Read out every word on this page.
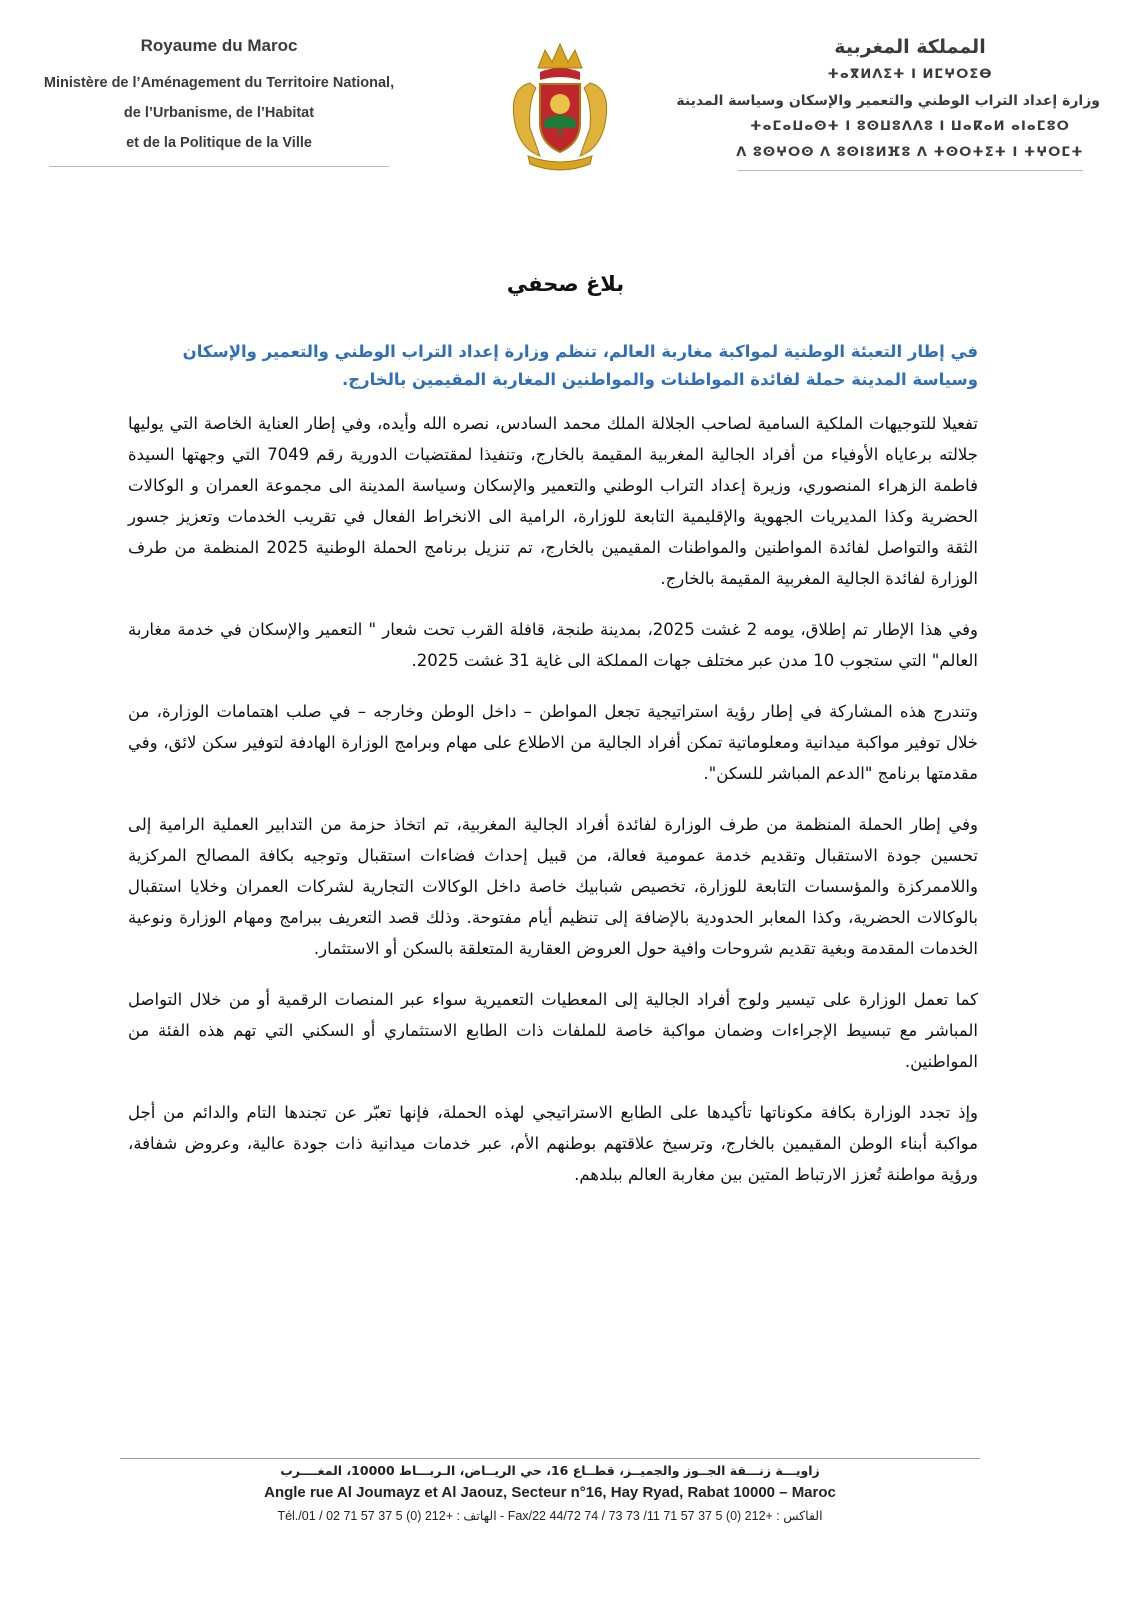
Royaume du Maroc
Ministère de l’Aménagement du Territoire National,
de l’Urbanisme, de l’Habitat
et de la Politique de la Ville
المملكة المغربية
ⵜⴰⴳⵍⴷⵉⵜ ⵏ ⵍⵎⵖⵔⵉⴱ
وزارة إعداد التراب الوطني والتعمير والإسكان وسياسة المدينة
ⵜⴰⵎⴰⵡⴰⵙⵜ ⵏ ⵓⵙⵡⵓⴷⴷⵓ ⵏ ⵡⴰⴽⴰⵍ ⴰⵏⴰⵎⵓⵔ
ⴷ ⵓⵙⵖⵔⵙ ⴷ ⵓⵙⵏⵓⵍⴼⵓ ⴷ ⵜⵙⵔⵜⵉⵜ ⵏ ⵜⵖⵔⵎⵜ
بلاغ صحفي
في إطار التعبئة الوطنية لمواكبة مغاربة العالم، تنظم وزارة إعداد التراب الوطني والتعمير والإسكان وسياسة المدينة حملة لفائدة المواطنات والمواطنين المغاربة المقيمين بالخارج.

تفعيلا للتوجيهات الملكية السامية لصاحب الجلالة الملك محمد السادس، نصره الله وأيده، وفي إطار العناية الخاصة التي يوليها جلالته برعاياه الأوفياء من أفراد الجالية المغربية المقيمة بالخارج، وتنفيذا لمقتضيات الدورية رقم 7049 التي وجهتها السيدة فاطمة الزهراء المنصوري، وزيرة إعداد التراب الوطني والتعمير والإسكان وسياسة المدينة الى مجموعة العمران و الوكالات الحضرية وكذا المديريات الجهوية والإقليمية التابعة للوزارة، الرامية الى الانخراط الفعال في تقريب الخدمات وتعزيز جسور الثقة والتواصل لفائدة المواطنين والمواطنات المقيمين بالخارج، تم تنزيل برنامج الحملة الوطنية 2025 المنظمة من طرف الوزارة لفائدة الجالية المغربية المقيمة بالخارج.

وفي هذا الإطار تم إطلاق، يومه 2 غشت 2025، بمدينة طنجة، قافلة القرب تحت شعار " التعمير والإسكان في خدمة مغاربة العالم" التي ستجوب 10 مدن عبر مختلف جهات المملكة الى غاية 31 غشت 2025.

وتندرج هذه المشاركة في إطار رؤية استراتيجية تجعل المواطن – داخل الوطن وخارجه – في صلب اهتمامات الوزارة، من خلال توفير مواكبة ميدانية ومعلوماتية تمكن أفراد الجالية من الاطلاع على مهام وبرامج الوزارة الهادفة لتوفير سكن لائق، وفي مقدمتها برنامج "الدعم المباشر للسكن".

وفي إطار الحملة المنظمة من طرف الوزارة لفائدة أفراد الجالية المغربية، تم اتخاذ حزمة من التدابير العملية الرامية إلى تحسين جودة الاستقبال وتقديم خدمة عمومية فعالة، من قبيل إحداث فضاءات استقبال وتوجيه بكافة المصالح المركزية واللاممركزة والمؤسسات التابعة للوزارة، تخصيص شبابيك خاصة داخل الوكالات التجارية لشركات العمران وخلايا استقبال بالوكالات الحضرية، وكذا المعابر الحدودية بالإضافة إلى تنظيم أيام مفتوحة. وذلك قصد التعريف ببرامج ومهام الوزارة ونوعية الخدمات المقدمة وبغية تقديم شروحات وافية حول العروض العقارية المتعلقة بالسكن أو الاستثمار.

كما تعمل الوزارة على تيسير ولوج أفراد الجالية إلى المعطيات التعميرية سواء عبر المنصات الرقمية أو من خلال التواصل المباشر مع تبسيط الإجراءات وضمان مواكبة خاصة للملفات ذات الطابع الاستثماري أو السكني التي تهم هذه الفئة من المواطنين.

وإذ تجدد الوزارة بكافة مكوناتها تأكيدها على الطابع الاستراتيجي لهذه الحملة، فإنها تعبّر عن تجندها التام والدائم من أجل مواكبة أبناء الوطن المقيمين بالخارج، وترسيخ علاقتهم بوطنهم الأم، عبر خدمات ميدانية ذات جودة عالية، وعروض شفافة، ورؤية مواطنة تُعزز الارتباط المتين بين مغاربة العالم ببلدهم.

زاويـــة زنـــقة الجــوز والجميــز، قطــاع 16، حي الريــاض، الـربـــاط 10000، المغــــرب
Angle rue Al Joumayz et Al Jaouz, Secteur n°16, Hay Ryad, Rabat 10000 – Maroc
Tél./الهاتف : +212 (0) 5 37 57 71 02 / 01 - Fax/الفاكس : +212 (0) 5 37 57 71 11/ 73 73 / 74 44/72 22
